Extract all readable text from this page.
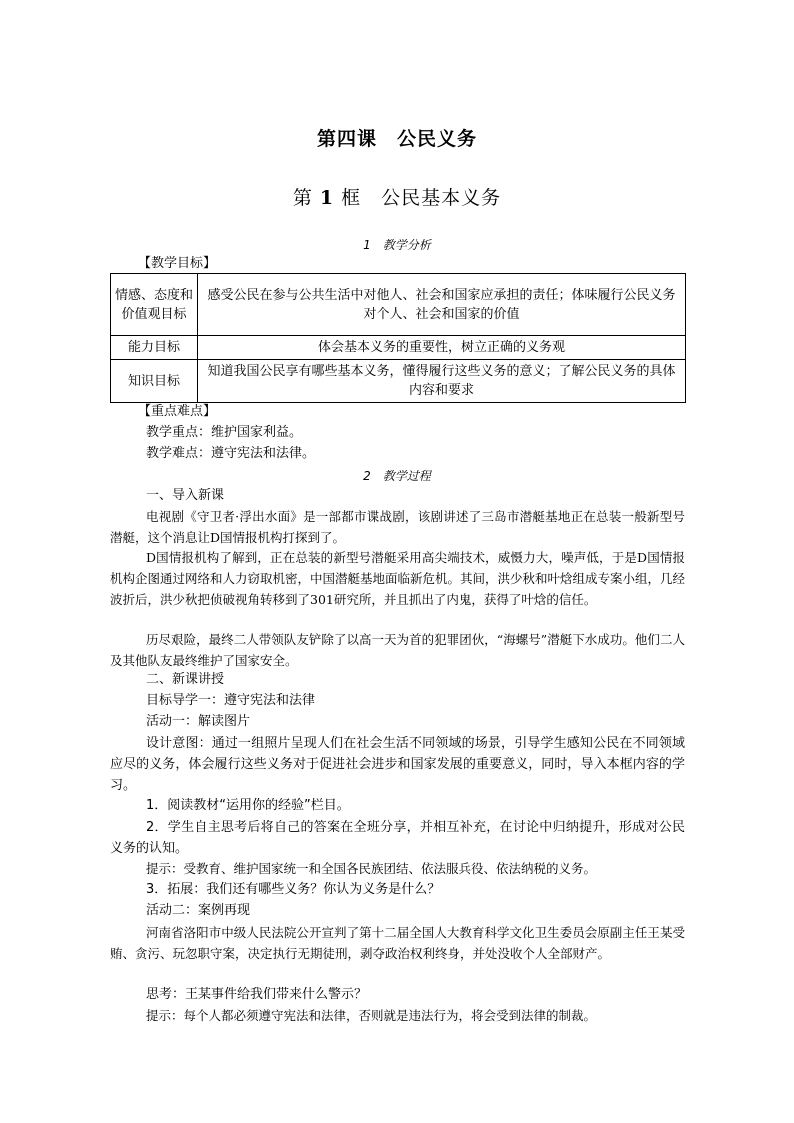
第四课　公民义务
第 1 框　公民基本义务
1　教学分析
【教学目标】
情感、态度和价值观目标	感受公民在参与公共生活中对他人、社会和国家应承担的责任；体味履行公民义务对个人、社会和国家的价值
能力目标	体会基本义务的重要性，树立正确的义务观
知识目标	知道我国公民享有哪些基本义务，懂得履行这些义务的意义；了解公民义务的具体内容和要求
【重点难点】
教学重点：维护国家利益。
教学难点：遵守宪法和法律。
2　教学过程
一、导入新课
电视剧《守卫者·浮出水面》是一部都市谍战剧，该剧讲述了三岛市潜艇基地正在总装一般新型号潜艇，这个消息让D国情报机构打探到了。
D国情报机构了解到，正在总装的新型号潜艇采用高尖端技术，威慑力大，噪声低，于是D国情报机构企图通过网络和人力窃取机密，中国潜艇基地面临新危机。其间，洪少秋和叶焓组成专案小组，几经波折后，洪少秋把侦破视角转移到了301研究所，并且抓出了内鬼，获得了叶焓的信任。
历尽艰险，最终二人带领队友铲除了以高一天为首的犯罪团伙，“海螺号”潜艇下水成功。他们二人及其他队友最终维护了国家安全。
二、新课讲授
目标导学一：遵守宪法和法律
活动一：解读图片
设计意图：通过一组照片呈现人们在社会生活不同领域的场景，引导学生感知公民在不同领域应尽的义务，体会履行这些义务对于促进社会进步和国家发展的重要意义，同时，导入本框内容的学习。
1．阅读教材“运用你的经验”栏目。
2．学生自主思考后将自己的答案在全班分享，并相互补充，在讨论中归纳提升，形成对公民义务的认知。
提示：受教育、维护国家统一和全国各民族团结、依法服兵役、依法纳税的义务。
3．拓展：我们还有哪些义务？你认为义务是什么？
活动二：案例再现
河南省洛阳市中级人民法院公开宣判了第十二届全国人大教育科学文化卫生委员会原副主任王某受贿、贪污、玩忽职守案，决定执行无期徒刑，剥夺政治权利终身，并处没收个人全部财产。
思考：王某事件给我们带来什么警示？
提示：每个人都必须遵守宪法和法律，否则就是违法行为，将会受到法律的制裁。
